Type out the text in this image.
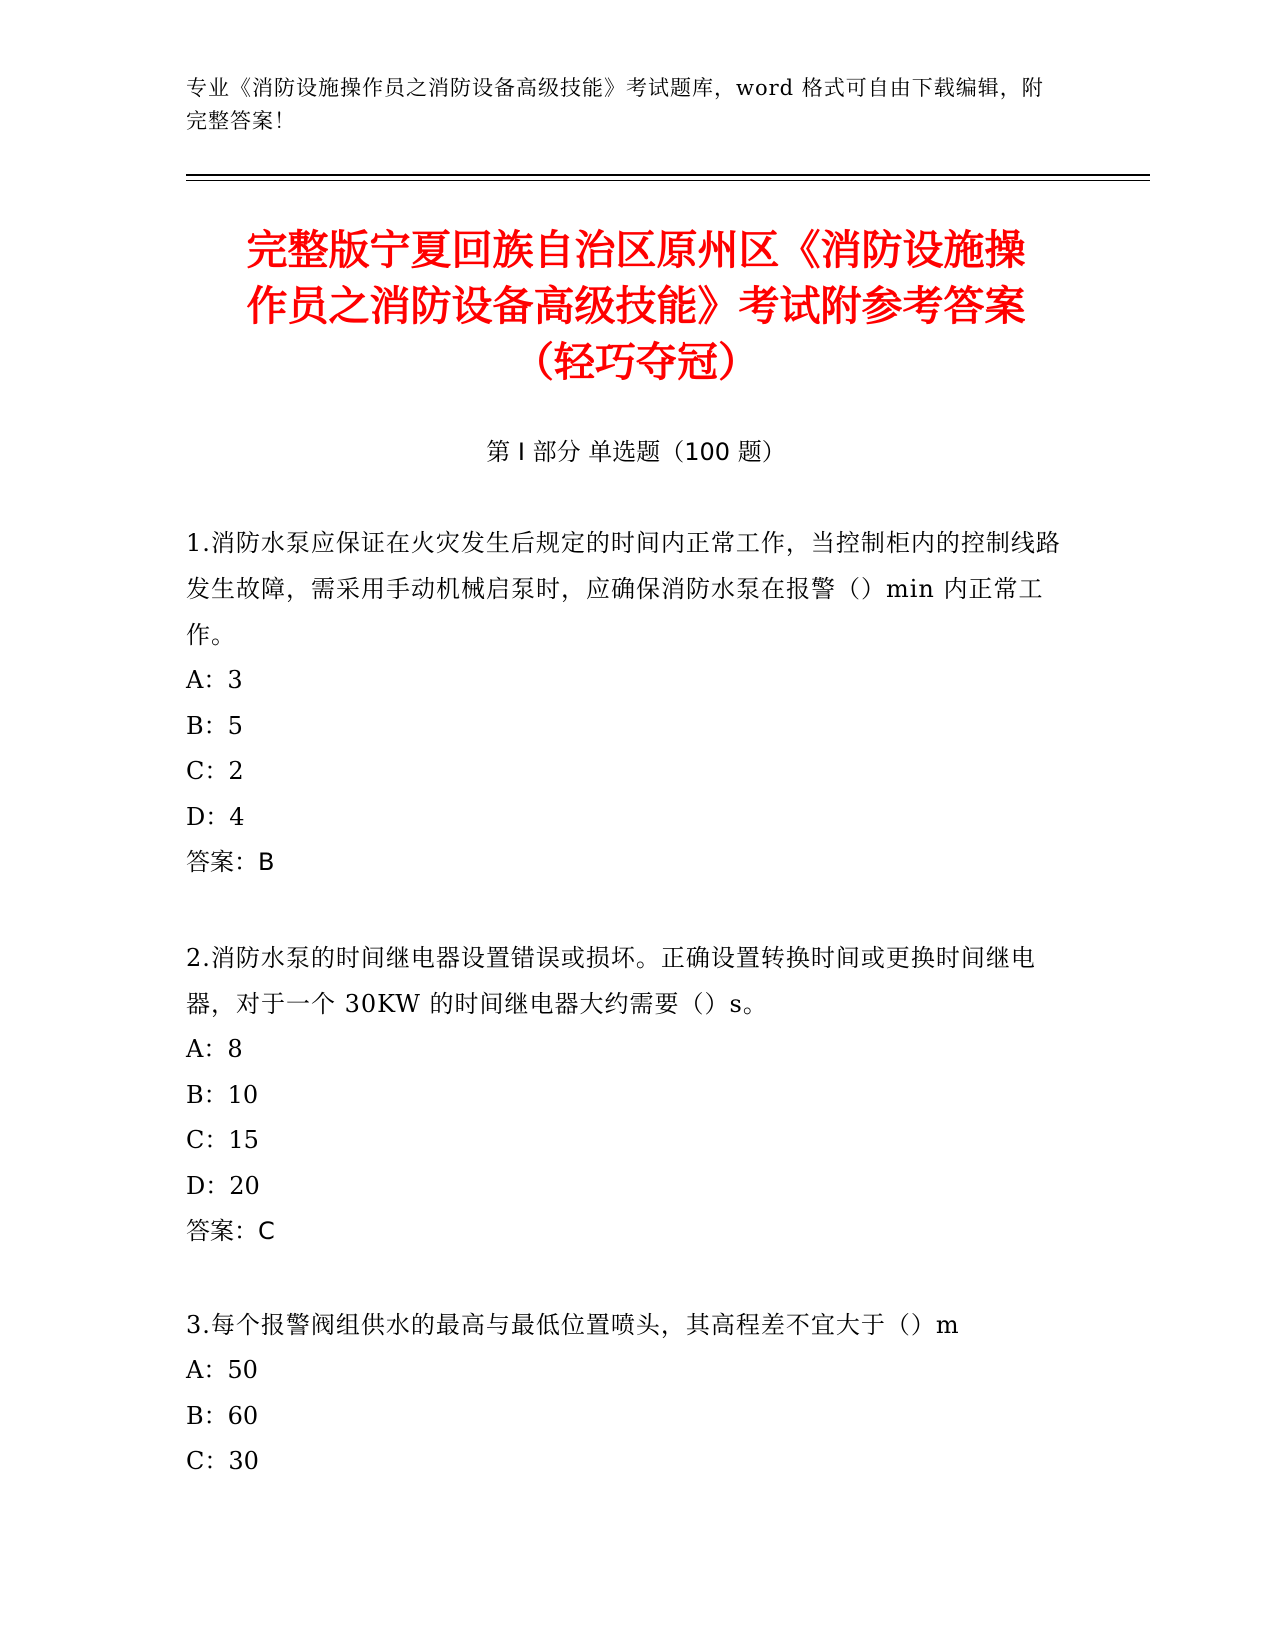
专业《消防设施操作员之消防设备高级技能》考试题库，word 格式可自由下载编辑，附完整答案！
完整版宁夏回族自治区原州区《消防设施操
作员之消防设备高级技能》考试附参考答案
（轻巧夺冠）
第 I 部分 单选题（100 题）
1.消防水泵应保证在火灾发生后规定的时间内正常工作，当控制柜内的控制线路发生故障，需采用手动机械启泵时，应确保消防水泵在报警（）min 内正常工作。
A：3
B：5
C：2
D：4
答案：B
2.消防水泵的时间继电器设置错误或损坏。正确设置转换时间或更换时间继电器，对于一个 30KW 的时间继电器大约需要（）s。
A：8
B：10
C：15
D：20
答案：C
3.每个报警阀组供水的最高与最低位置喷头，其高程差不宜大于（）m
A：50
B：60
C：30
